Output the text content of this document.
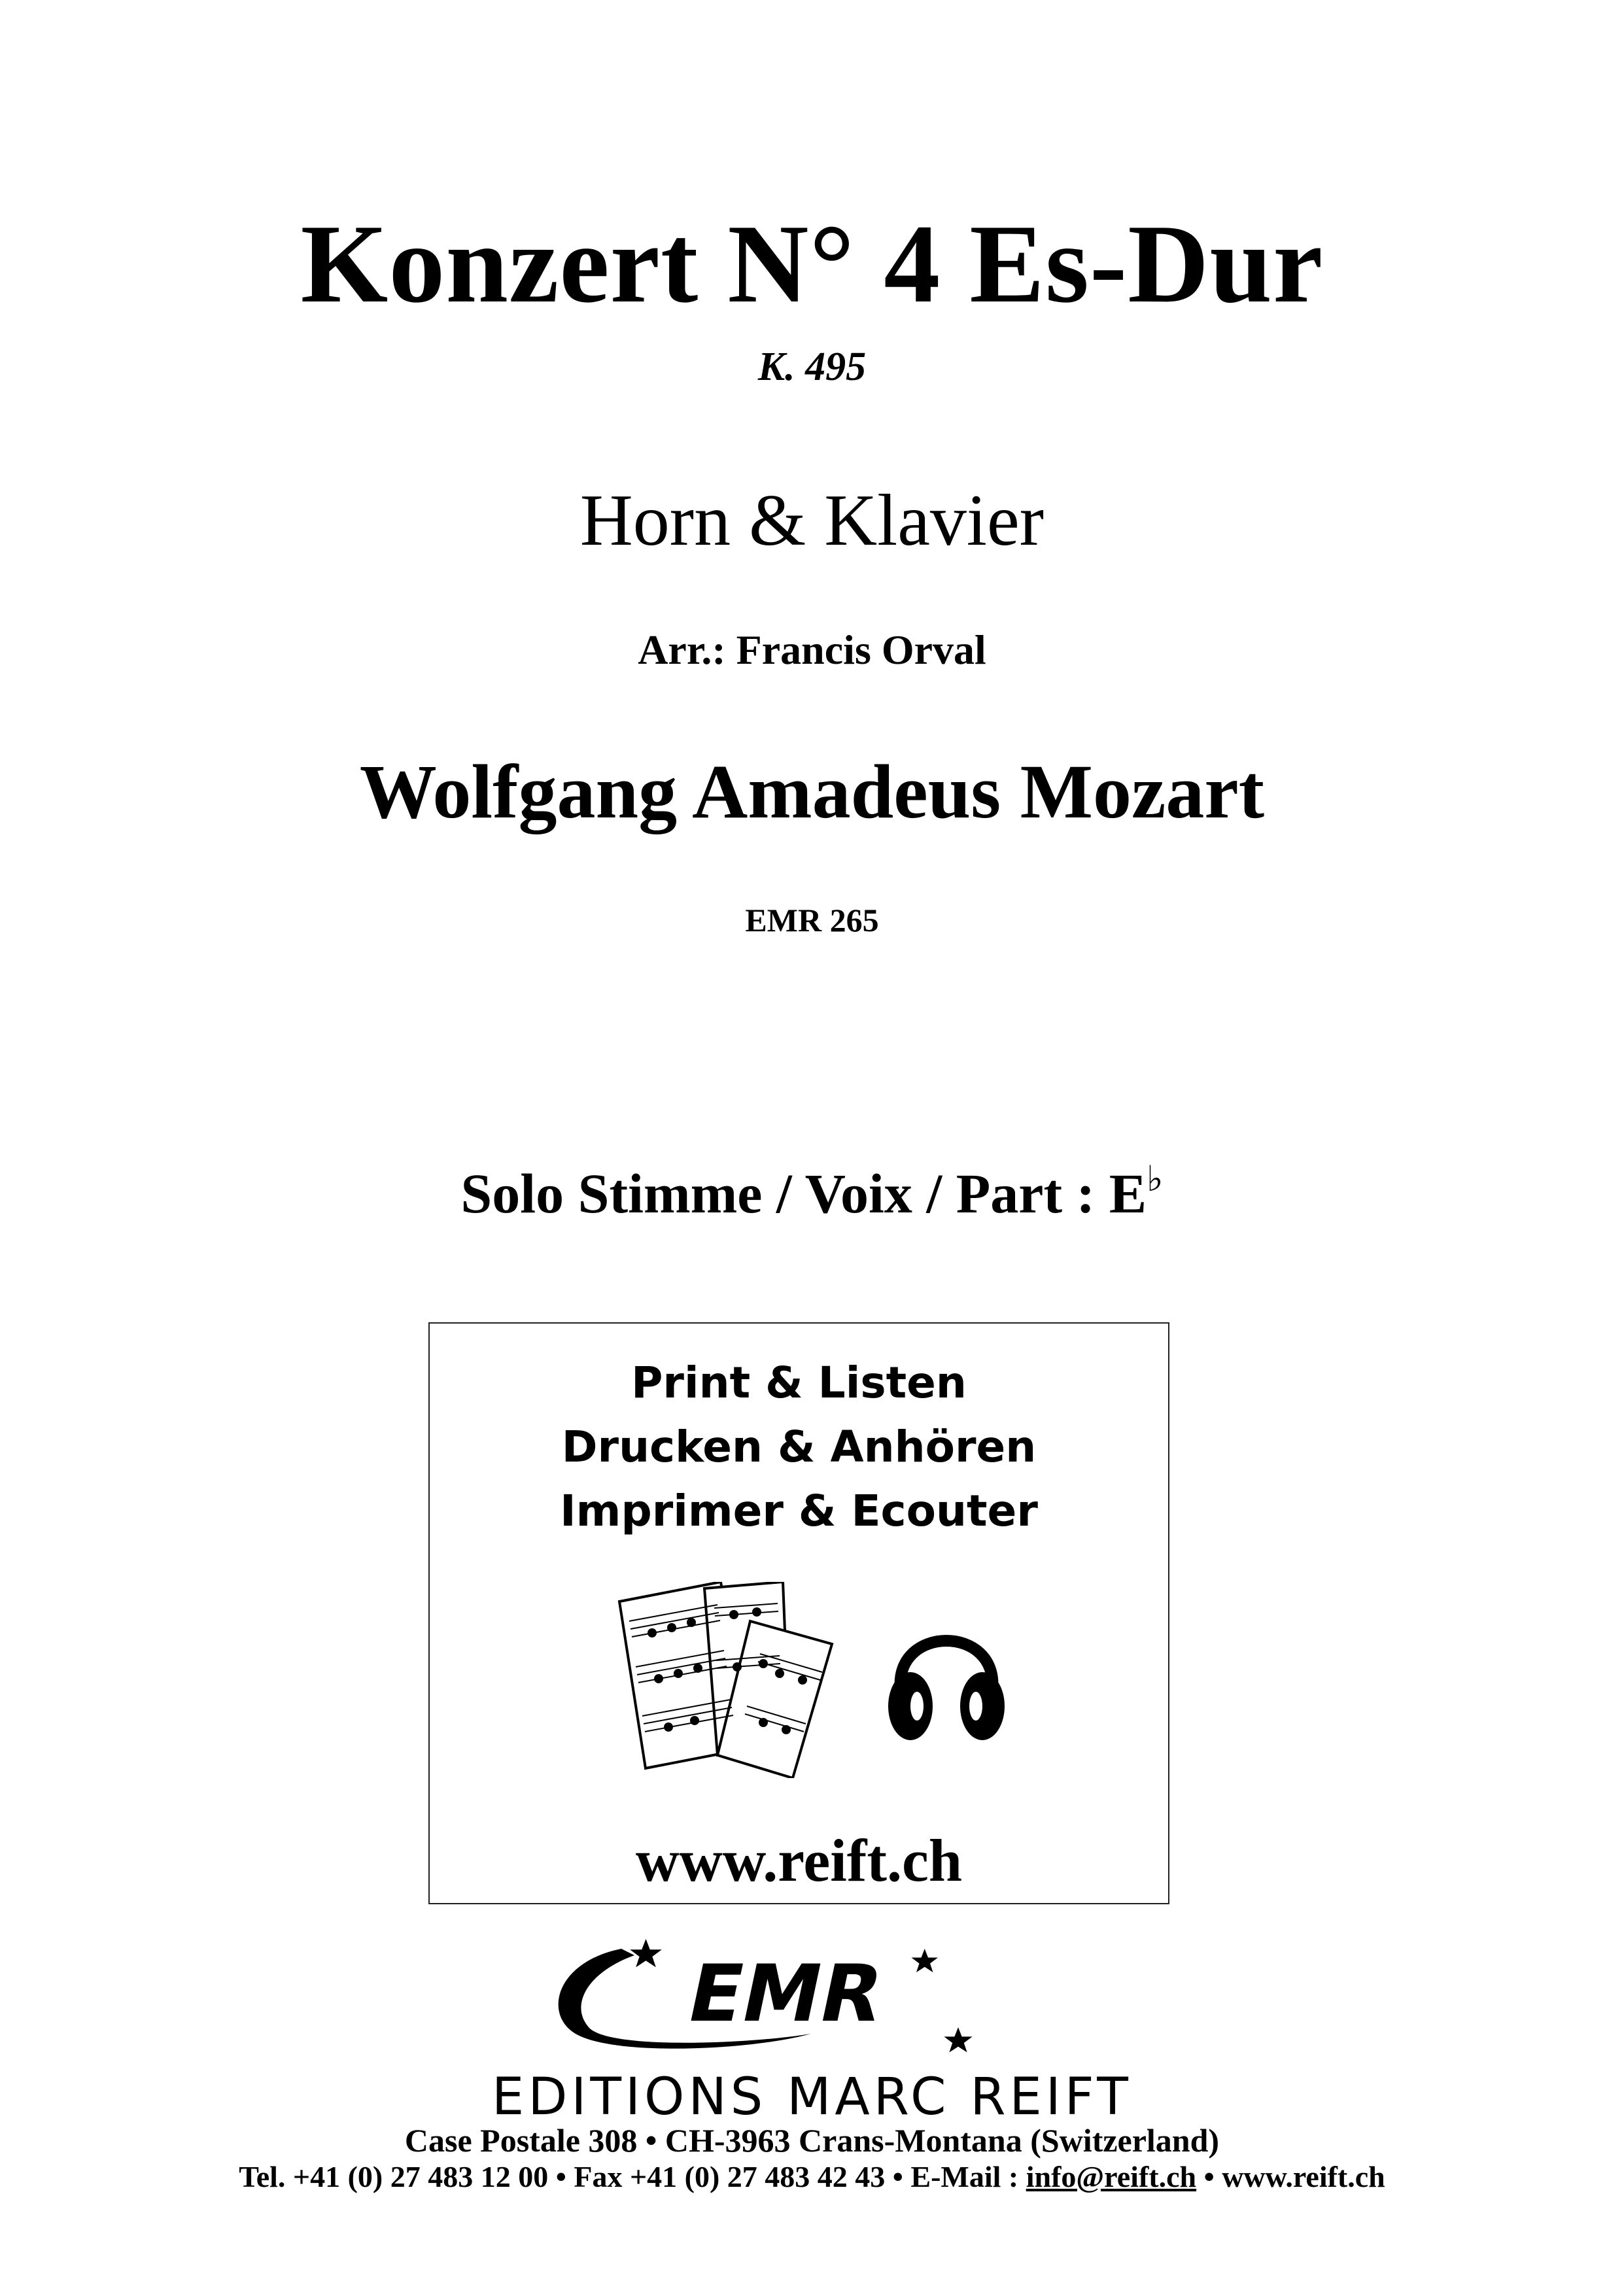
Konzert N° 4 Es-Dur
K. 495
Horn & Klavier
Arr.: Francis Orval
Wolfgang Amadeus Mozart
EMR 265
Solo Stimme / Voix / Part : E♭
Print & Listen
Drucken & Anhören
Imprimer & Ecouter
www.reift.ch
EMR
EDITIONS MARC REIFT
Case Postale 308 • CH-3963 Crans-Montana (Switzerland)
Tel. +41 (0) 27 483 12 00 • Fax +41 (0) 27 483 42 43 • E-Mail : info@reift.ch • www.reift.ch
